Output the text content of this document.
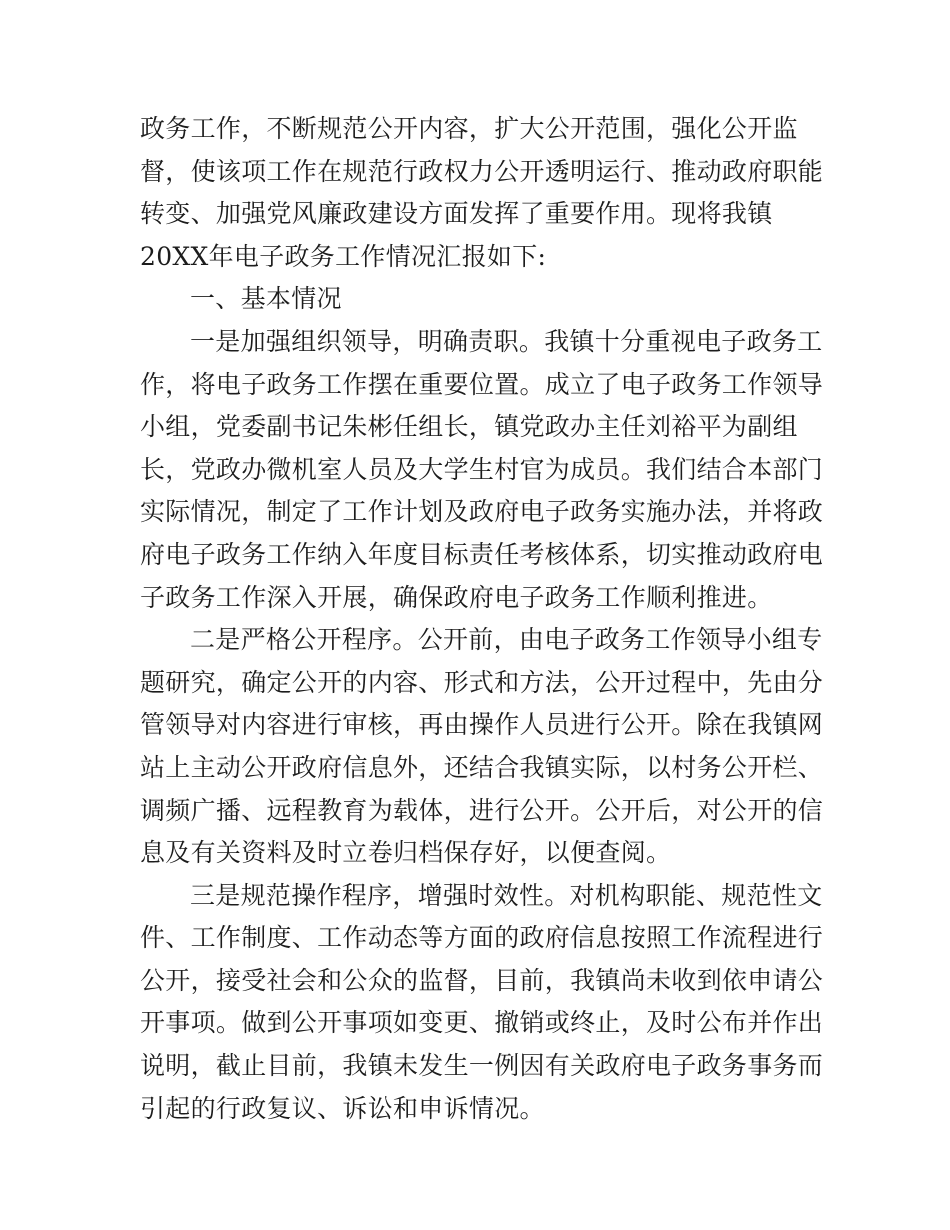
政务工作，不断规范公开内容，扩大公开范围，强化公开监
督，使该项工作在规范行政权力公开透明运行、推动政府职能
转变、加强党风廉政建设方面发挥了重要作用。现将我镇
20XX年电子政务工作情况汇报如下:
一、基本情况
一是加强组织领导，明确责职。我镇十分重视电子政务工
作，将电子政务工作摆在重要位置。成立了电子政务工作领导
小组，党委副书记朱彬任组长，镇党政办主任刘裕平为副组
长，党政办微机室人员及大学生村官为成员。我们结合本部门
实际情况，制定了工作计划及政府电子政务实施办法，并将政
府电子政务工作纳入年度目标责任考核体系，切实推动政府电
子政务工作深入开展，确保政府电子政务工作顺利推进。
二是严格公开程序。公开前，由电子政务工作领导小组专
题研究，确定公开的内容、形式和方法，公开过程中，先由分
管领导对内容进行审核，再由操作人员进行公开。除在我镇网
站上主动公开政府信息外，还结合我镇实际，以村务公开栏、
调频广播、远程教育为载体，进行公开。公开后，对公开的信
息及有关资料及时立卷归档保存好，以便查阅。
三是规范操作程序，增强时效性。对机构职能、规范性文
件、工作制度、工作动态等方面的政府信息按照工作流程进行
公开，接受社会和公众的监督，目前，我镇尚未收到依申请公
开事项。做到公开事项如变更、撤销或终止，及时公布并作出
说明，截止目前，我镇未发生一例因有关政府电子政务事务而
引起的行政复议、诉讼和申诉情况。
